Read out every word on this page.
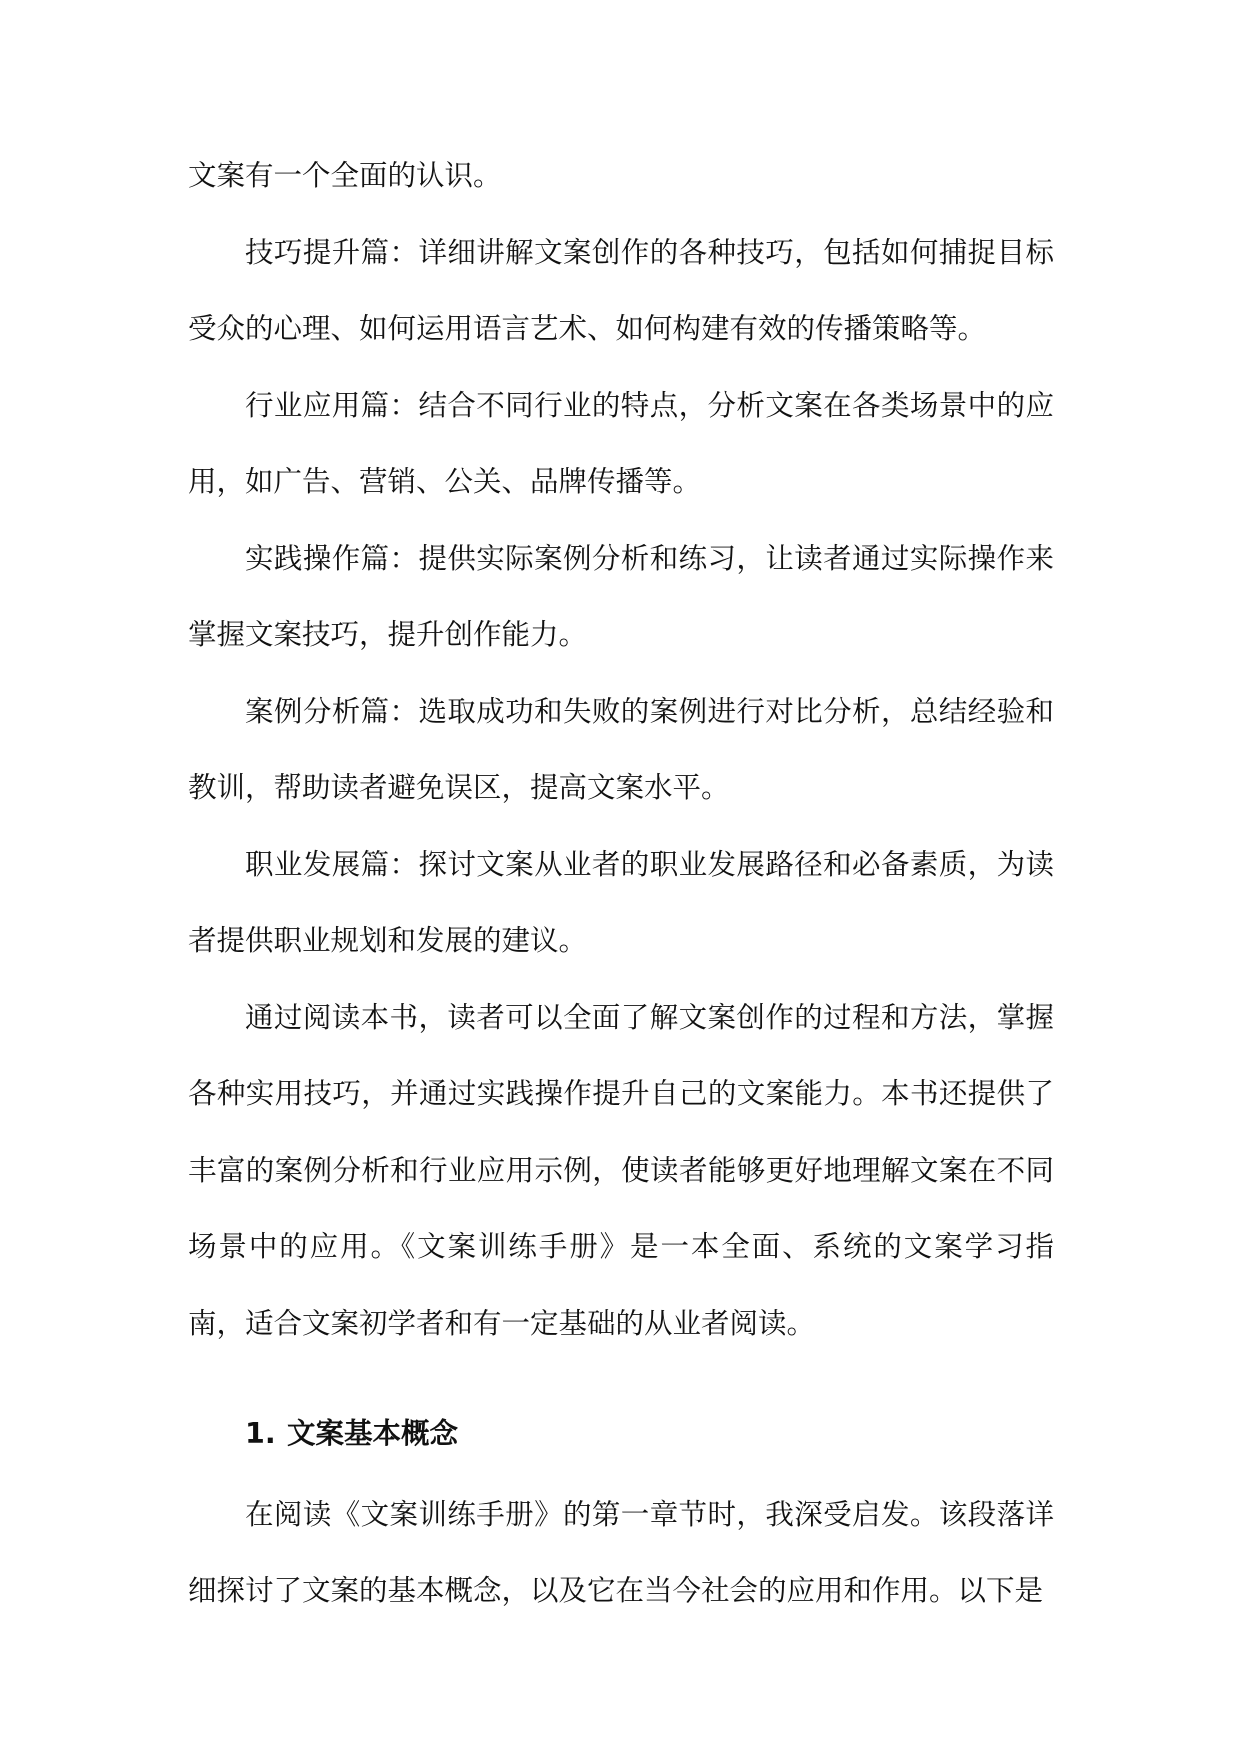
文案有一个全面的认识。

技巧提升篇：详细讲解文案创作的各种技巧，包括如何捕捉目标受众的心理、如何运用语言艺术、如何构建有效的传播策略等。

行业应用篇：结合不同行业的特点，分析文案在各类场景中的应用，如广告、营销、公关、品牌传播等。

实践操作篇：提供实际案例分析和练习，让读者通过实际操作来掌握文案技巧，提升创作能力。

案例分析篇：选取成功和失败的案例进行对比分析，总结经验和教训，帮助读者避免误区，提高文案水平。

职业发展篇：探讨文案从业者的职业发展路径和必备素质，为读者提供职业规划和发展的建议。

通过阅读本书，读者可以全面了解文案创作的过程和方法，掌握各种实用技巧，并通过实践操作提升自己的文案能力。本书还提供了丰富的案例分析和行业应用示例，使读者能够更好地理解文案在不同场景中的应用。《文案训练手册》是一本全面、系统的文案学习指南，适合文案初学者和有一定基础的从业者阅读。

1. 文案基本概念

在阅读《文案训练手册》的第一章节时，我深受启发。该段落详细探讨了文案的基本概念，以及它在当今社会的应用和作用。以下是
